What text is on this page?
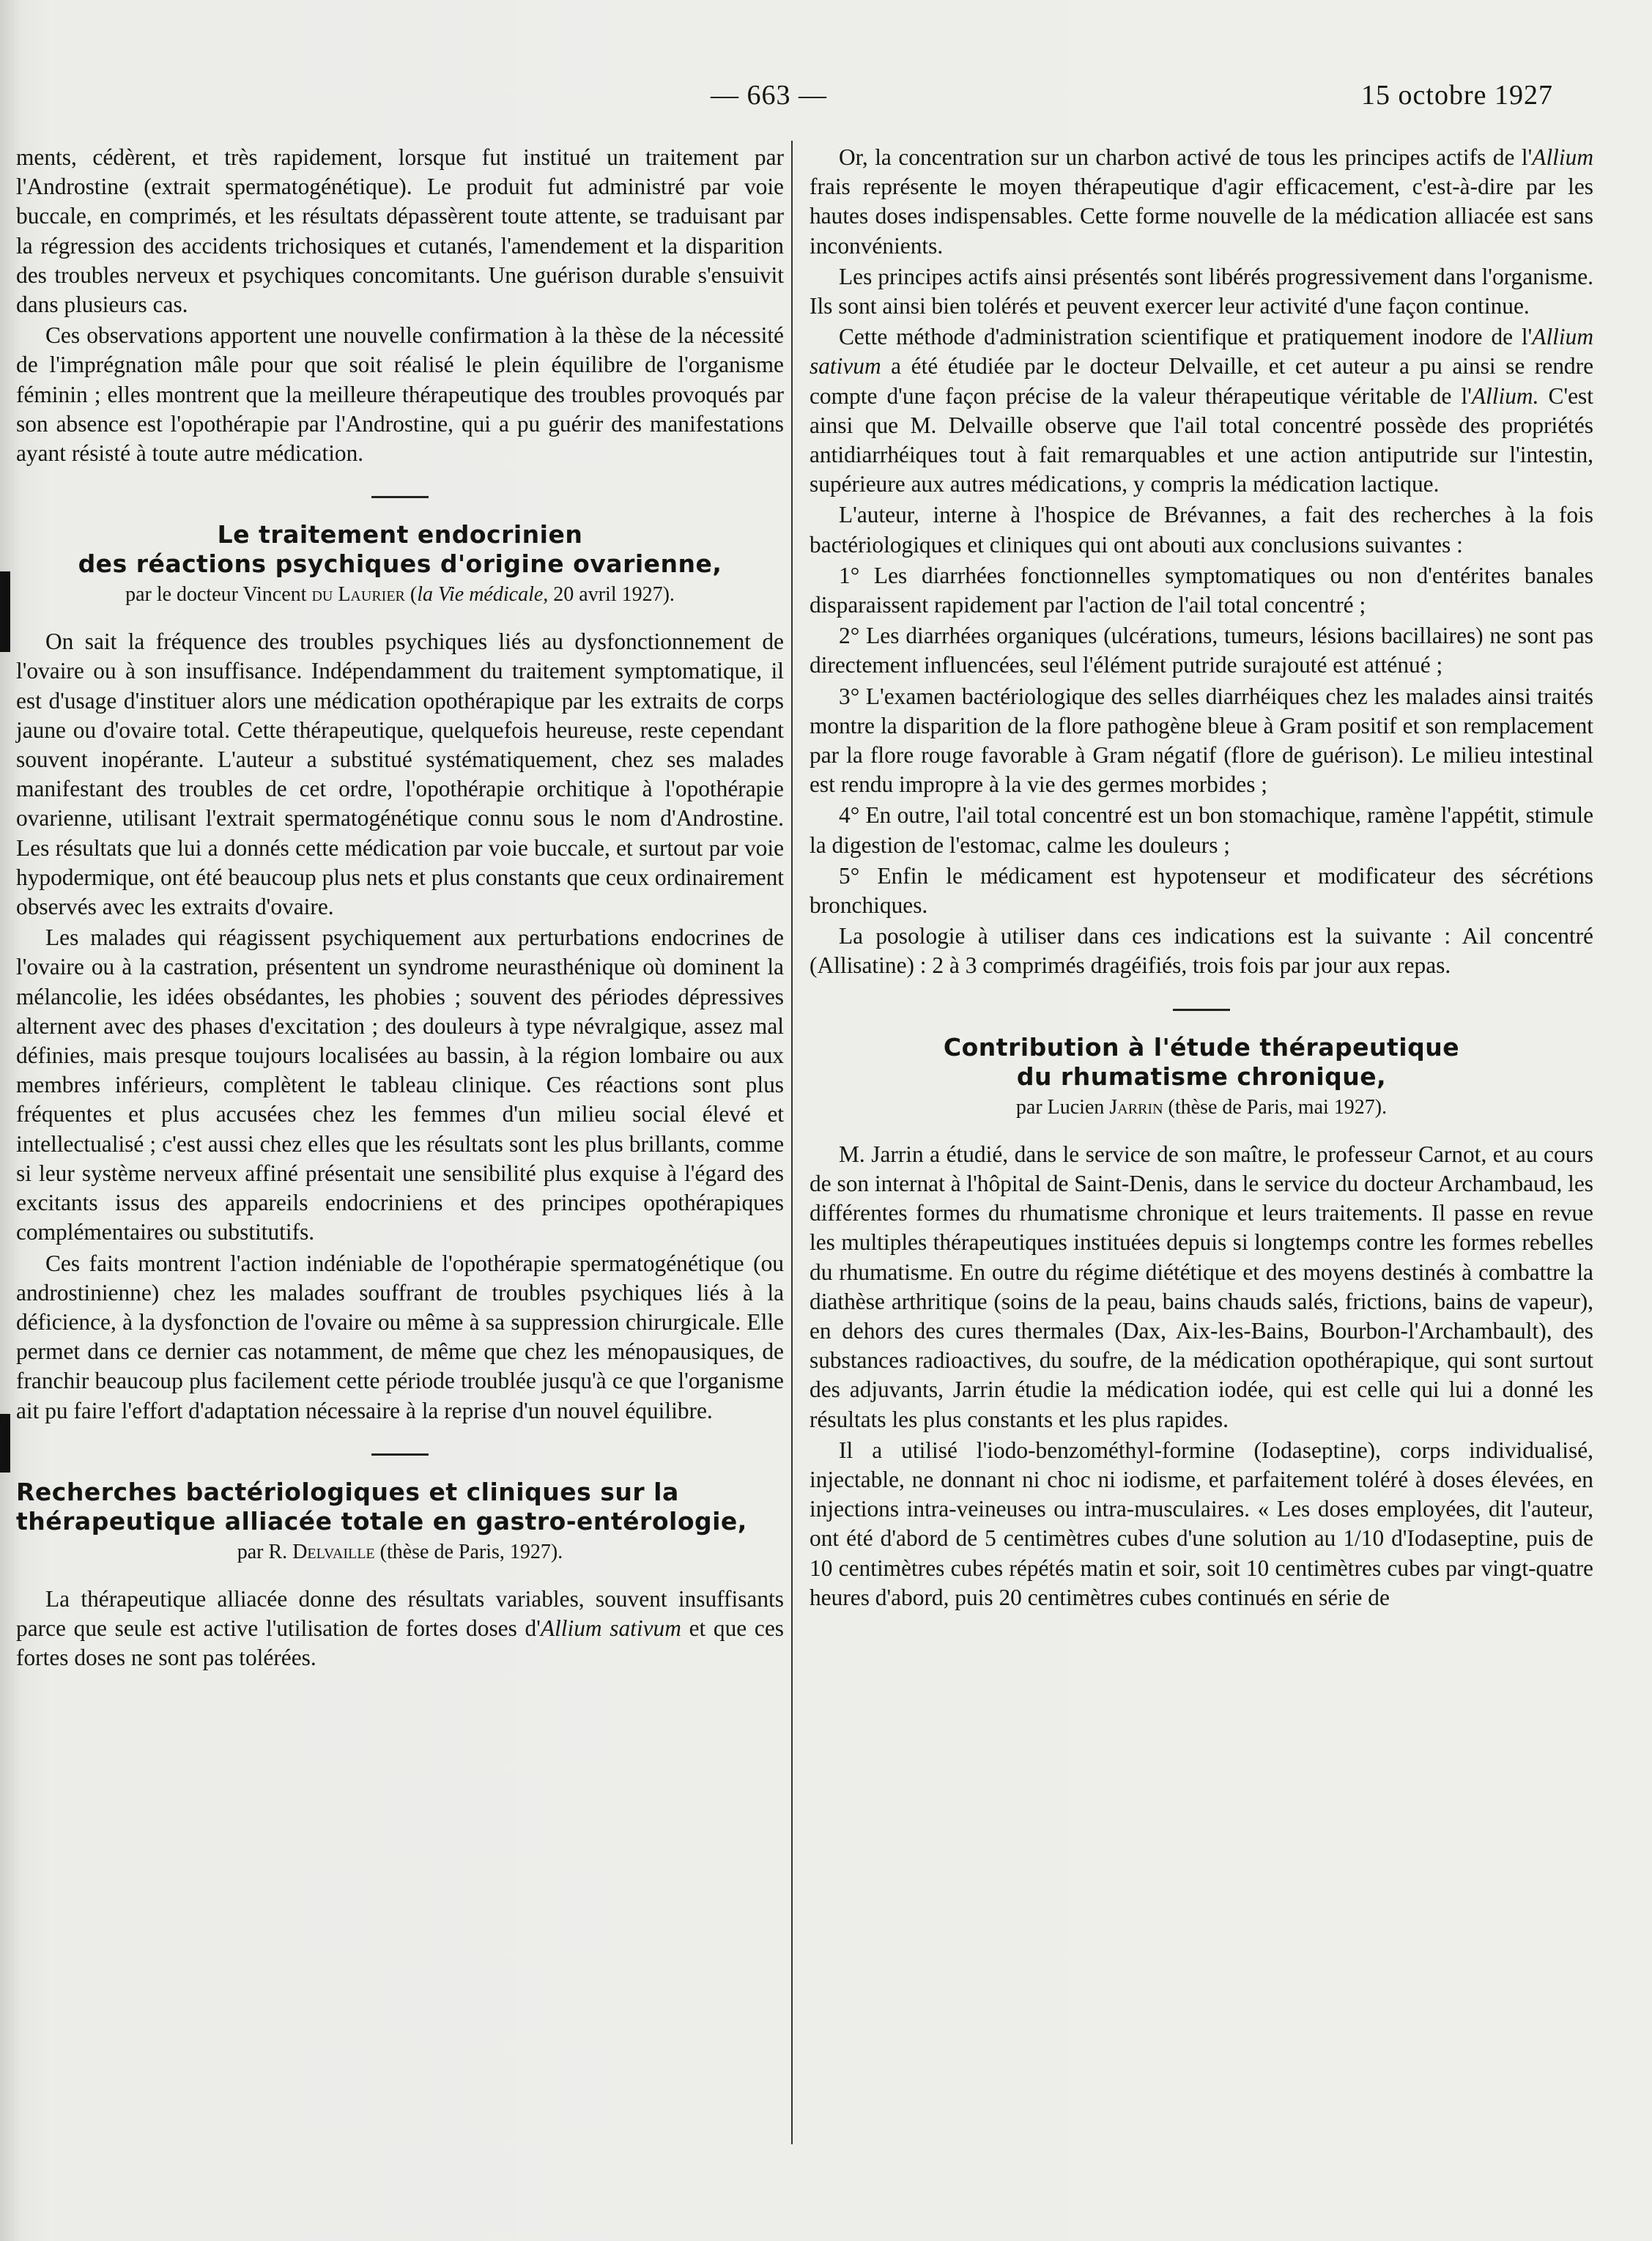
— 663 —	15 octobre 1927

ments, cédèrent, et très rapidement, lorsque fut institué un traitement par l'Androstine (extrait spermatogénétique). Le produit fut administré par voie buccale, en comprimés, et les résultats dépassèrent toute attente, se traduisant par la régression des accidents trichosiques et cutanés, l'amendement et la disparition des troubles nerveux et psychiques concomitants. Une guérison durable s'ensuivit dans plusieurs cas.

Ces observations apportent une nouvelle confirmation à la thèse de la nécessité de l'imprégnation mâle pour que soit réalisé le plein équilibre de l'organisme féminin ; elles montrent que la meilleure thérapeutique des troubles provoqués par son absence est l'opothérapie par l'Androstine, qui a pu guérir des manifestations ayant résisté à toute autre médication.

Le traitement endocrinien
des réactions psychiques d'origine ovarienne,
par le docteur Vincent du Laurier (la Vie médicale, 20 avril 1927).

On sait la fréquence des troubles psychiques liés au dysfonctionnement de l'ovaire ou à son insuffisance. Indépendamment du traitement symptomatique, il est d'usage d'instituer alors une médication opothérapique par les extraits de corps jaune ou d'ovaire total. Cette thérapeutique, quelquefois heureuse, reste cependant souvent inopérante. L'auteur a substitué systématiquement, chez ses malades manifestant des troubles de cet ordre, l'opothérapie orchitique à l'opothérapie ovarienne, utilisant l'extrait spermatogénétique connu sous le nom d'Androstine. Les résultats que lui a donnés cette médication par voie buccale, et surtout par voie hypodermique, ont été beaucoup plus nets et plus constants que ceux ordinairement observés avec les extraits d'ovaire.

Les malades qui réagissent psychiquement aux perturbations endocrines de l'ovaire ou à la castration, présentent un syndrome neurasthénique où dominent la mélancolie, les idées obsédantes, les phobies ; souvent des périodes dépressives alternent avec des phases d'excitation ; des douleurs à type névralgique, assez mal définies, mais presque toujours localisées au bassin, à la région lombaire ou aux membres inférieurs, complètent le tableau clinique. Ces réactions sont plus fréquentes et plus accusées chez les femmes d'un milieu social élevé et intellectualisé ; c'est aussi chez elles que les résultats sont les plus brillants, comme si leur système nerveux affiné présentait une sensibilité plus exquise à l'égard des excitants issus des appareils endocriniens et des principes opothérapiques complémentaires ou substitutifs.

Ces faits montrent l'action indéniable de l'opothérapie spermatogénétique (ou androstinienne) chez les malades souffrant de troubles psychiques liés à la déficience, à la dysfonction de l'ovaire ou même à sa suppression chirurgicale. Elle permet dans ce dernier cas notamment, de même que chez les ménopausiques, de franchir beaucoup plus facilement cette période troublée jusqu'à ce que l'organisme ait pu faire l'effort d'adaptation nécessaire à la reprise d'un nouvel équilibre.

Recherches bactériologiques et cliniques sur la thérapeutique alliacée totale en gastro-entérologie,
par R. Delvaille (thèse de Paris, 1927).

La thérapeutique alliacée donne des résultats variables, souvent insuffisants parce que seule est active l'utilisation de fortes doses d'Allium sativum et que ces fortes doses ne sont pas tolérées.

Or, la concentration sur un charbon activé de tous les principes actifs de l'Allium frais représente le moyen thérapeutique d'agir efficacement, c'est-à-dire par les hautes doses indispensables. Cette forme nouvelle de la médication alliacée est sans inconvénients.

Les principes actifs ainsi présentés sont libérés progressivement dans l'organisme. Ils sont ainsi bien tolérés et peuvent exercer leur activité d'une façon continue.

Cette méthode d'administration scientifique et pratiquement inodore de l'Allium sativum a été étudiée par le docteur Delvaille, et cet auteur a pu ainsi se rendre compte d'une façon précise de la valeur thérapeutique véritable de l'Allium. C'est ainsi que M. Delvaille observe que l'ail total concentré possède des propriétés antidiarrhéiques tout à fait remarquables et une action antiputride sur l'intestin, supérieure aux autres médications, y compris la médication lactique.

L'auteur, interne à l'hospice de Brévannes, a fait des recherches à la fois bactériologiques et cliniques qui ont abouti aux conclusions suivantes :

1° Les diarrhées fonctionnelles symptomatiques ou non d'entérites banales disparaissent rapidement par l'action de l'ail total concentré ;

2° Les diarrhées organiques (ulcérations, tumeurs, lésions bacillaires) ne sont pas directement influencées, seul l'élément putride surajouté est atténué ;

3° L'examen bactériologique des selles diarrhéiques chez les malades ainsi traités montre la disparition de la flore pathogène bleue à Gram positif et son remplacement par la flore rouge favorable à Gram négatif (flore de guérison). Le milieu intestinal est rendu impropre à la vie des germes morbides ;

4° En outre, l'ail total concentré est un bon stomachique, ramène l'appétit, stimule la digestion de l'estomac, calme les douleurs ;

5° Enfin le médicament est hypotenseur et modificateur des sécrétions bronchiques.

La posologie à utiliser dans ces indications est la suivante : Ail concentré (Allisatine) : 2 à 3 comprimés dragéifiés, trois fois par jour aux repas.

Contribution à l'étude thérapeutique
du rhumatisme chronique,
par Lucien Jarrin (thèse de Paris, mai 1927).

M. Jarrin a étudié, dans le service de son maître, le professeur Carnot, et au cours de son internat à l'hôpital de Saint-Denis, dans le service du docteur Archambaud, les différentes formes du rhumatisme chronique et leurs traitements. Il passe en revue les multiples thérapeutiques instituées depuis si longtemps contre les formes rebelles du rhumatisme. En outre du régime diététique et des moyens destinés à combattre la diathèse arthritique (soins de la peau, bains chauds salés, frictions, bains de vapeur), en dehors des cures thermales (Dax, Aix-les-Bains, Bourbon-l'Archambault), des substances radioactives, du soufre, de la médication opothérapique, qui sont surtout des adjuvants, Jarrin étudie la médication iodée, qui est celle qui lui a donné les résultats les plus constants et les plus rapides.

Il a utilisé l'iodo-benzométhyl-formine (Iodaseptine), corps individualisé, injectable, ne donnant ni choc ni iodisme, et parfaitement toléré à doses élevées, en injections intra-veineuses ou intra-musculaires. « Les doses employées, dit l'auteur, ont été d'abord de 5 centimètres cubes d'une solution au 1/10 d'Iodaseptine, puis de 10 centimètres cubes répétés matin et soir, soit 10 centimètres cubes par vingt-quatre heures d'abord, puis 20 centimètres cubes continués en série de
